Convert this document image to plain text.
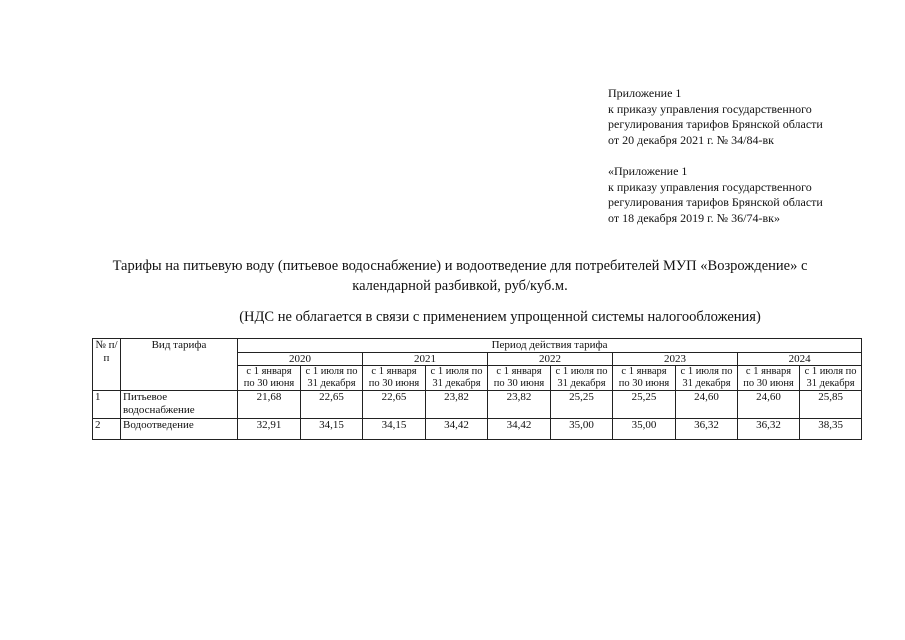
Приложение 1
к приказу управления государственного
регулирования тарифов Брянской области
от 20 декабря 2021 г. № 34/84-вк
«Приложение 1
к приказу управления государственного
регулирования тарифов Брянской области
от 18 декабря 2019 г. № 36/74-вк»
Тарифы на питьевую воду (питьевое водоснабжение) и водоотведение для потребителей МУП «Возрождение» с
календарной разбивкой, руб/куб.м.
(НДС не облагается в связи с применением упрощенной системы налогообложения)
№ п/п	Вид тарифа	Период действия тарифа									
		2020		2021		2022		2023		2024	
		с 1 января по 30 июня	с 1 июля по 31 декабря	с 1 января по 30 июня	с 1 июля по 31 декабря	с 1 января по 30 июня	с 1 июля по 31 декабря	с 1 января по 30 июня	с 1 июля по 31 декабря	с 1 января по 30 июня	с 1 июля по 31 декабря
1	Питьевое водоснабжение	21,68	22,65	22,65	23,82	23,82	25,25	25,25	24,60	24,60	25,85
2	Водоотведение	32,91	34,15	34,15	34,42	34,42	35,00	35,00	36,32	36,32	38,35
